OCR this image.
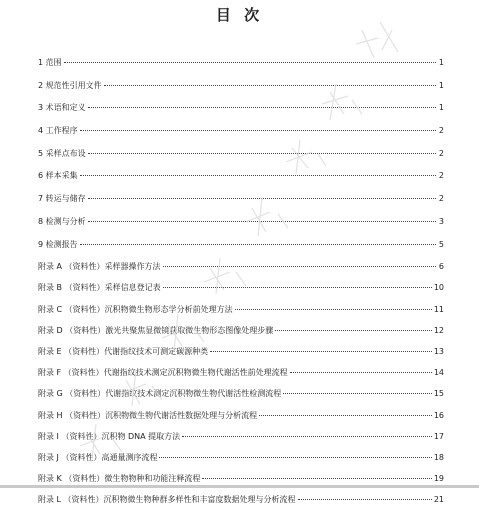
目 次
1 范围	1
2 规范性引用文件	1
3 术语和定义	1
4 工作程序	2
5 采样点布设	2
6 样本采集	2
7 转运与储存	2
8 检测与分析	3
9 检测报告	5
附录 A （资料性）采样器操作方法	6
附录 B （资料性）采样信息登记表	10
附录 C （资料性）沉积物微生物形态学分析前处理方法	11
附录 D （资料性）激光共聚焦显微镜获取微生物形态图像处理步骤	12
附录 E （资料性）代谢指纹技术可测定碳源种类	13
附录 F （资料性）代谢指纹技术测定沉积物微生物代谢活性前处理流程	14
附录 G （资料性）代谢指纹技术测定沉积物微生物代谢活性检测流程	15
附录 H （资料性）沉积物微生物代谢活性数据处理与分析流程	16
附录 I （资料性）沉积物 DNA 提取方法	17
附录 J （资料性）高通量测序流程	18
附录 K （资料性）微生物物种和功能注释流程	19
附录 L （资料性）沉积物微生物种群多样性和丰富度数据处理与分析流程	21
